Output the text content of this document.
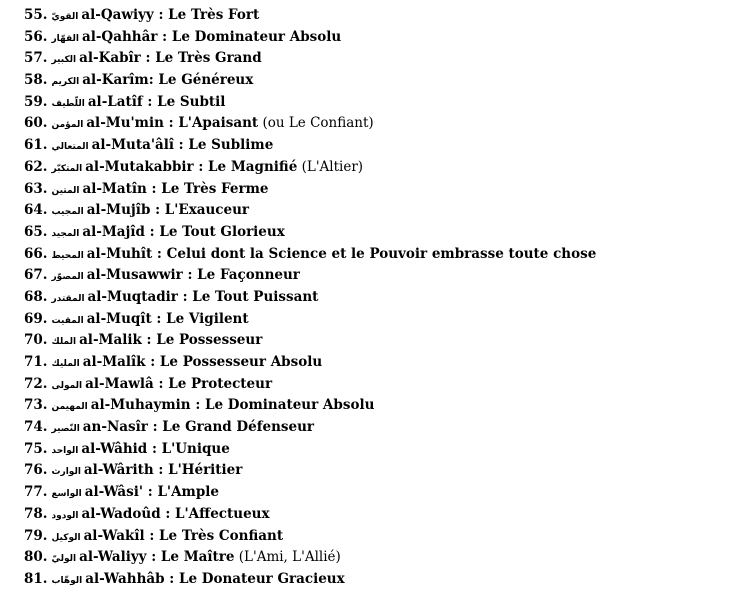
55. القويّ al-Qawiyy : Le Très Fort
56. القهّار al-Qahhâr : Le Dominateur Absolu
57. الكبير al-Kabîr : Le Très Grand
58. الكريم al-Karîm: Le Généreux
59. اللّطيف al-Latîf : Le Subtil
60. المؤمن al-Mu'min : L'Apaisant (ou Le Confiant)
61. المتعالي al-Muta'âlî : Le Sublime
62. المتكبّر al-Mutakabbir : Le Magnifié (L'Altier)
63. المتين al-Matîn : Le Très Ferme
64. المجيب al-Mujîb : L'Exauceur
65. المجيد al-Majîd : Le Tout Glorieux
66. المحيط al-Muhît : Celui dont la Science et le Pouvoir embrasse toute chose
67. المصوّر al-Musawwir : Le Façonneur
68. المقتدر al-Muqtadir : Le Tout Puissant
69. المقيت al-Muqît : Le Vigilent
70. الملك al-Malik : Le Possesseur
71. المليك al-Malîk : Le Possesseur Absolu
72. المولى al-Mawlâ : Le Protecteur
73. المهيمن al-Muhaymin : Le Dominateur Absolu
74. النّصير an-Nasîr : Le Grand Défenseur
75. الواحد al-Wâhid : L'Unique
76. الوارث al-Wârith : L'Héritier
77. الواسع al-Wâsi' : L'Ample
78. الودود al-Wadoûd : L'Affectueux
79. الوكيل al-Wakîl : Le Très Confiant
80. الوليّ al-Waliyy : Le Maître (L'Ami, L'Allié)
81. الوهّاب al-Wahhâb : Le Donateur Gracieux
